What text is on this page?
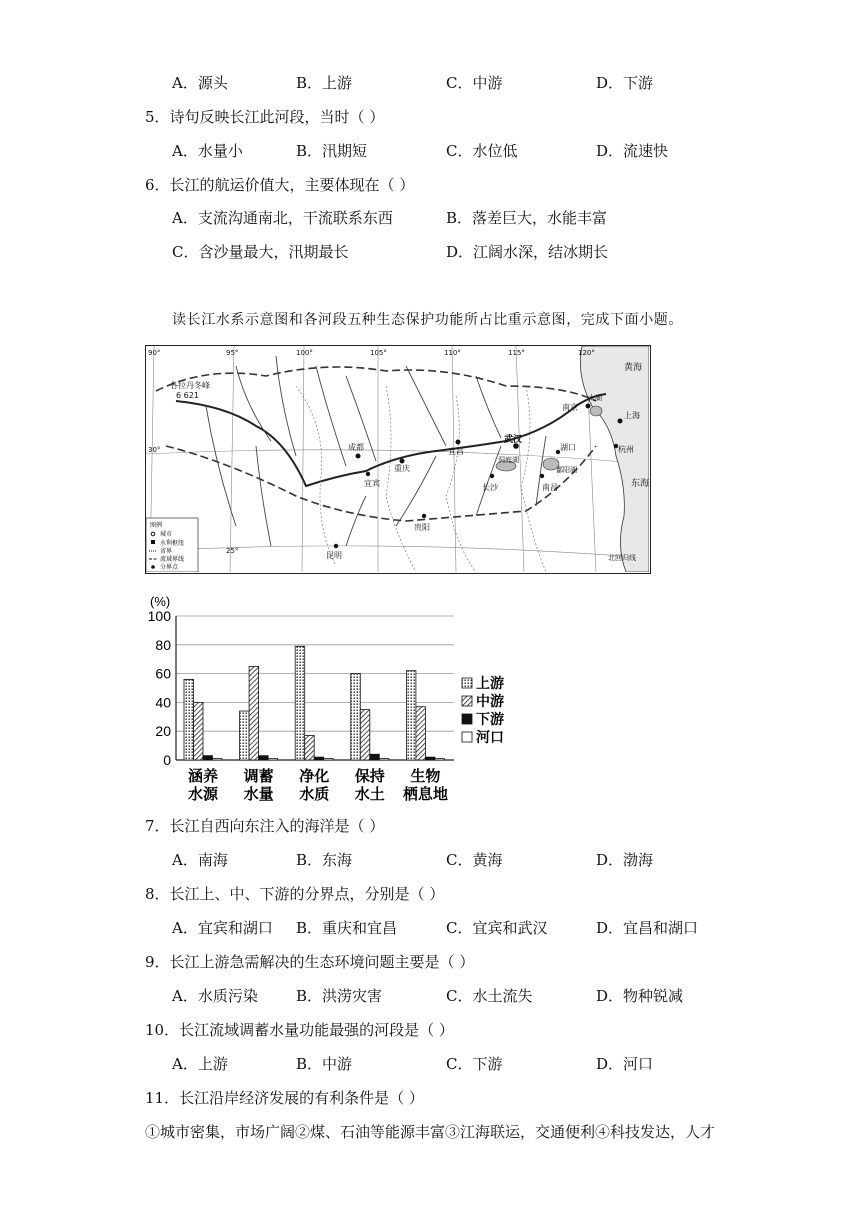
A．源头	B．上游	C．中游	D．下游
5．诗句反映长江此河段，当时（ ）
A．水量小	B．汛期短	C．水位低	D．流速快
6．长江的航运价值大，主要体现在（ ）
A．支流沟通南北，干流联系东西	B．落差巨大，水能丰富
C．含沙量最大，汛期最长	D．江阔水深，结冰期长
读长江水系示意图和各河段五种生态保护功能所占比重示意图，完成下面小题。
各拉丹冬峰
6 621
90°	95°	100°	105°	110°	115°	120°
30°
25°
成都
重庆
宜宾
宜昌
武汉
长沙	南昌
南京
上海
杭州
贵阳
昆明
湖口
洞庭湖
鄱阳湖
太湖
黄海
东海
北回归线
图例
城市
水利枢纽
省界
流域界线
分界点
(%)
0
20
40
60
80
100
涵养
水源
调蓄
水量
净化
水质
保持
水土
生物
栖息地
上游
中游
下游
河口
7．长江自西向东注入的海洋是（ ）
A．南海	B．东海	C．黄海	D．渤海
8．长江上、中、下游的分界点，分别是（ ）
A．宜宾和湖口 B．重庆和宜昌	C．宜宾和武汉	D．宜昌和湖口
9．长江上游急需解决的生态环境问题主要是（ ）
A．水质污染	B．洪涝灾害	C．水土流失	D．物种锐减
10．长江流域调蓄水量功能最强的河段是（ ）
A．上游	B．中游	C．下游	D．河口
11．长江沿岸经济发展的有利条件是（ ）
①城市密集，市场广阔②煤、石油等能源丰富③江海联运，交通便利④科技发达，人才
